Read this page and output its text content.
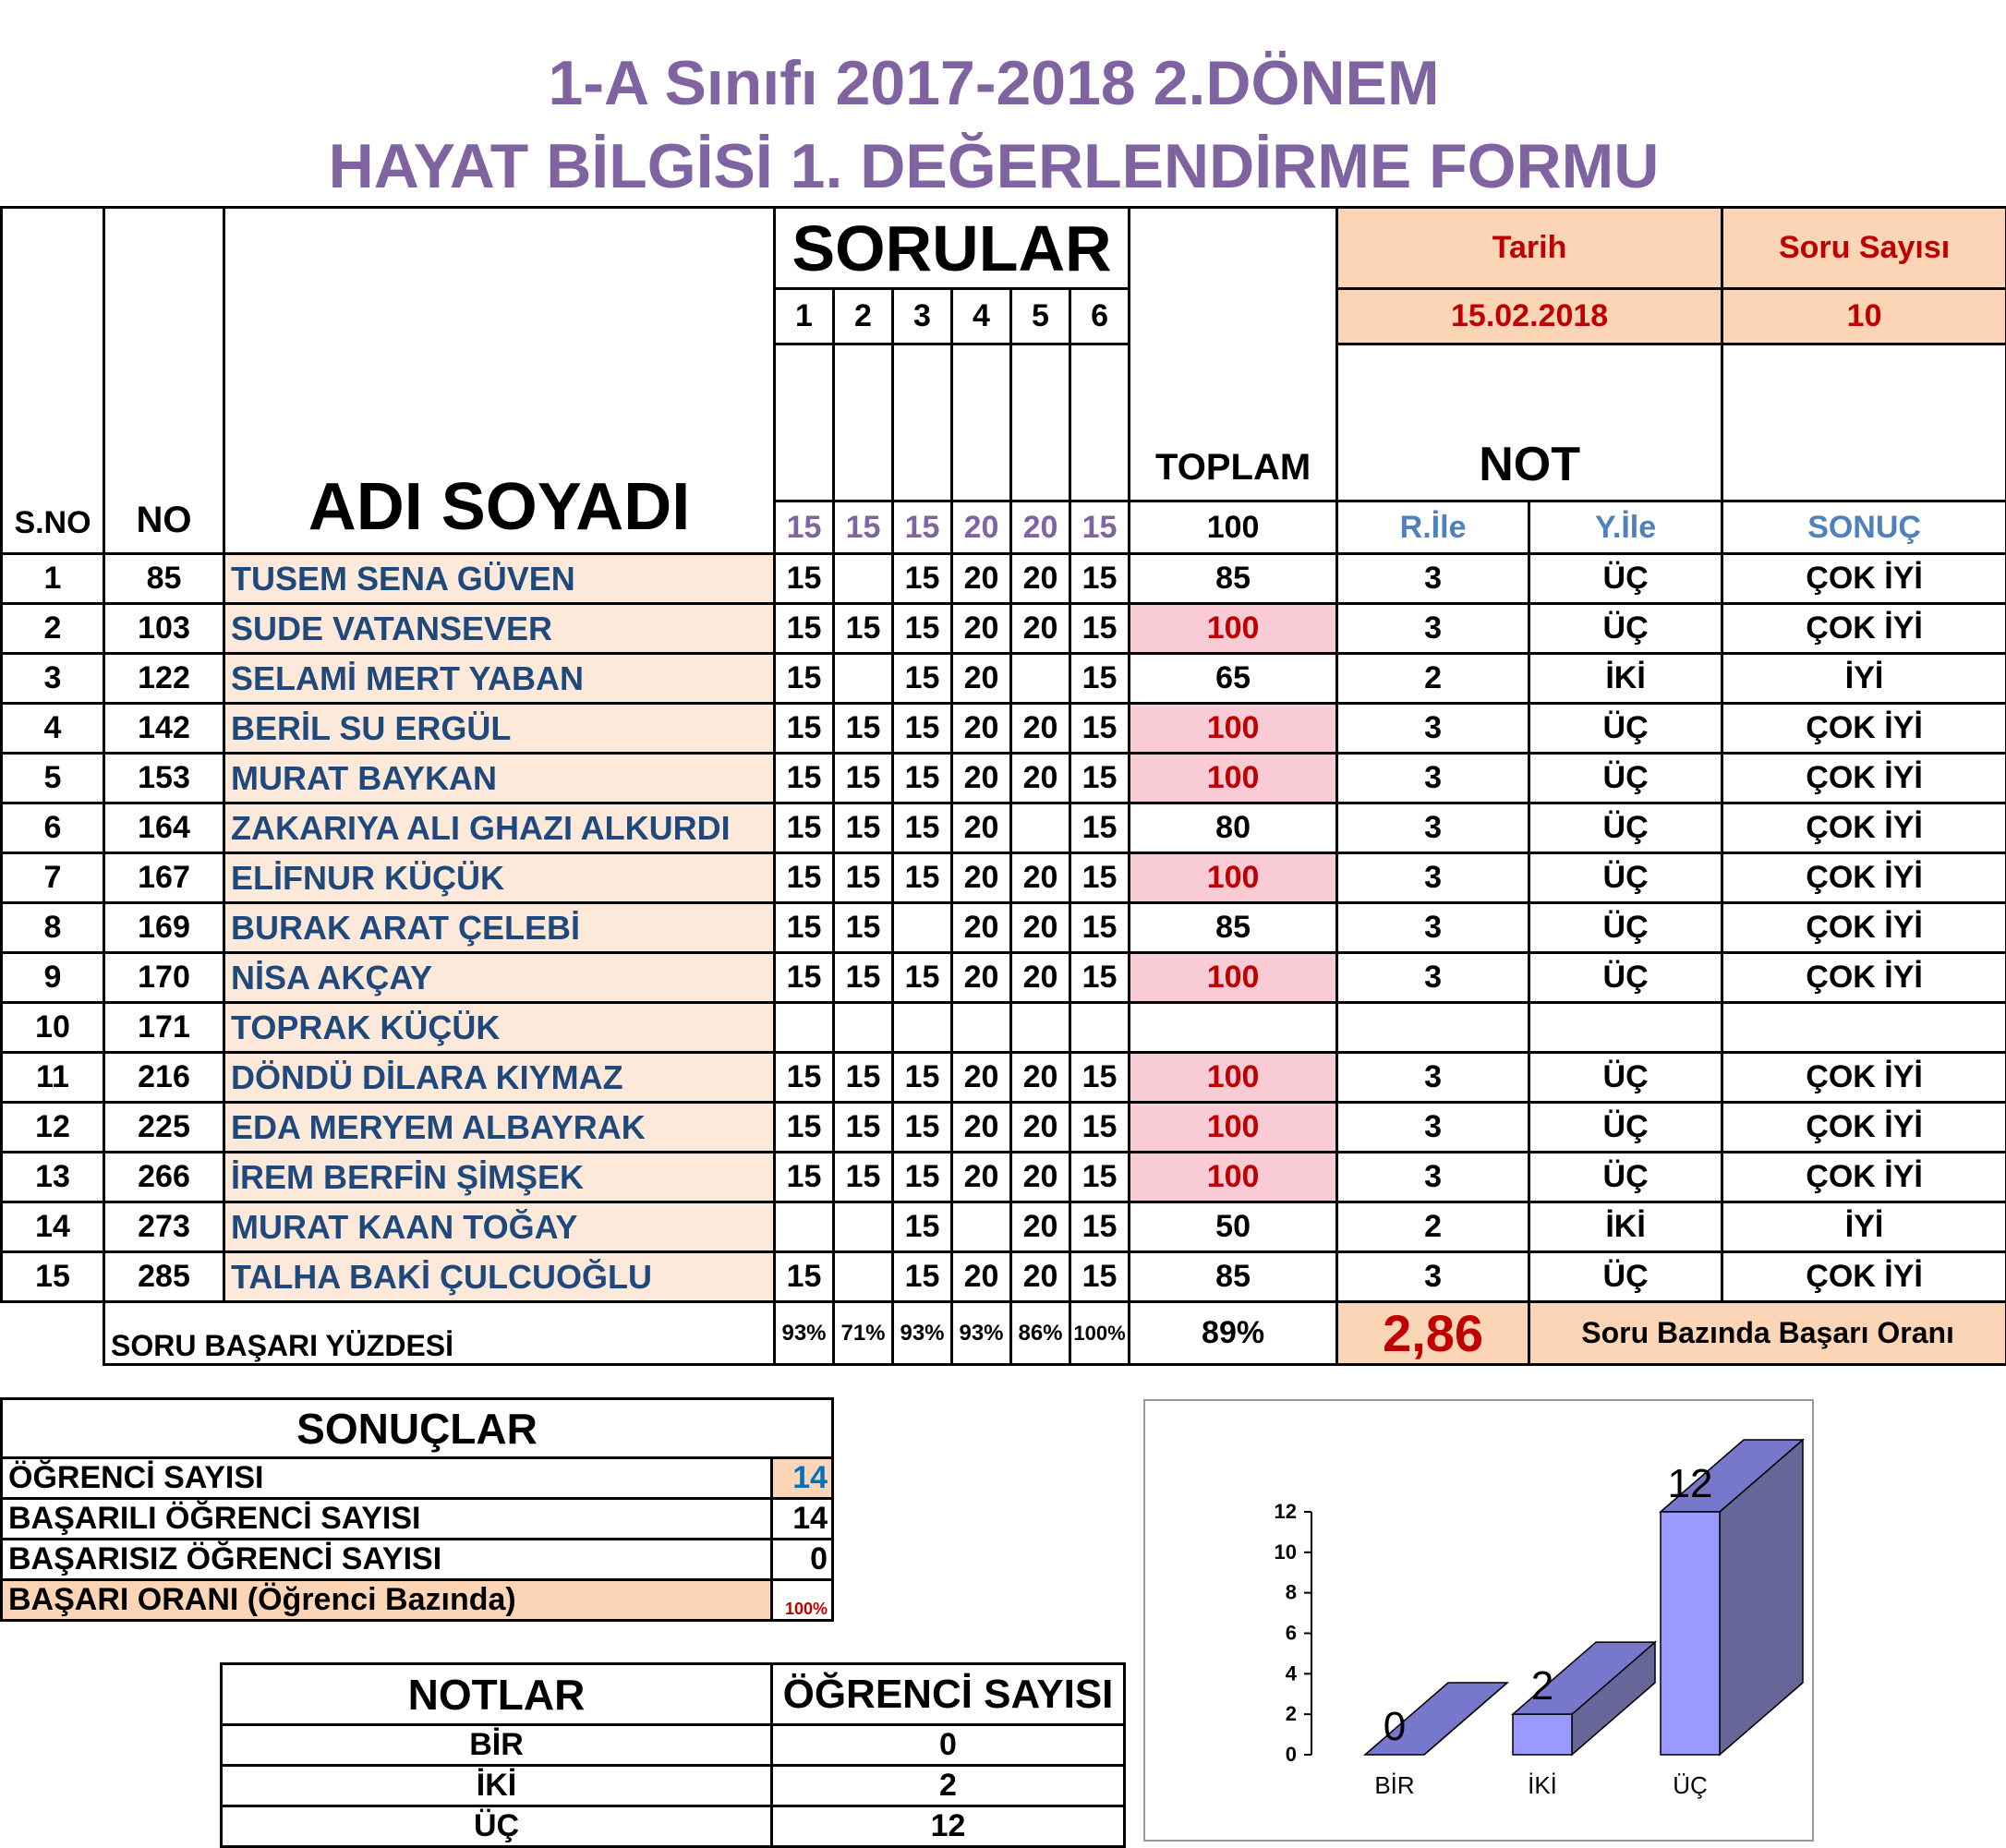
1-A Sınıfı 2017-2018 2.DÖNEM
HAYAT BİLGİSİ 1. DEĞERLENDİRME FORMU
S.NO	NO	ADI SOYADI	SORULAR						TOPLAM	Tarih		Soru Sayısı
			1	2	3	4	5	6		15.02.2018		10
										NOT		
			15	15	15	20	20	15	100	R.İle	Y.İle	SONUÇ
1	85	TUSEM SENA GÜVEN	15		15	20	20	15	85	3	ÜÇ	ÇOK İYİ
2	103	SUDE VATANSEVER	15	15	15	20	20	15	100	3	ÜÇ	ÇOK İYİ
3	122	SELAMİ MERT YABAN	15		15	20		15	65	2	İKİ	İYİ
4	142	BERİL SU ERGÜL	15	15	15	20	20	15	100	3	ÜÇ	ÇOK İYİ
5	153	MURAT BAYKAN	15	15	15	20	20	15	100	3	ÜÇ	ÇOK İYİ
6	164	ZAKARIYA ALI GHAZI ALKURDI	15	15	15	20		15	80	3	ÜÇ	ÇOK İYİ
7	167	ELİFNUR KÜÇÜK	15	15	15	20	20	15	100	3	ÜÇ	ÇOK İYİ
8	169	BURAK ARAT ÇELEBİ	15	15		20	20	15	85	3	ÜÇ	ÇOK İYİ
9	170	NİSA AKÇAY	15	15	15	20	20	15	100	3	ÜÇ	ÇOK İYİ
10	171	TOPRAK KÜÇÜK										
11	216	DÖNDÜ DİLARA KIYMAZ	15	15	15	20	20	15	100	3	ÜÇ	ÇOK İYİ
12	225	EDA MERYEM ALBAYRAK	15	15	15	20	20	15	100	3	ÜÇ	ÇOK İYİ
13	266	İREM BERFİN ŞİMŞEK	15	15	15	20	20	15	100	3	ÜÇ	ÇOK İYİ
14	273	MURAT KAAN TOĞAY			15		20	15	50	2	İKİ	İYİ
15	285	TALHA BAKİ ÇULCUOĞLU	15		15	20	20	15	85	3	ÜÇ	ÇOK İYİ
	SORU BAŞARI YÜZDESİ		93%	71%	93%	93%	86%	100%	89%	2,86	Soru Bazında Başarı Oranı	
SONUÇLAR	
ÖĞRENCİ SAYISI	14
BAŞARILI ÖĞRENCİ SAYISI	14
BAŞARISIZ ÖĞRENCİ SAYISI	0
BAŞARI ORANI (Öğrenci Bazında)	100%
NOTLAR	ÖĞRENCİ SAYISI
BİR	0
İKİ	2
ÜÇ	12
0
2
4
6
8
10
12
0
BİR
2
İKİ
12
ÜÇ
